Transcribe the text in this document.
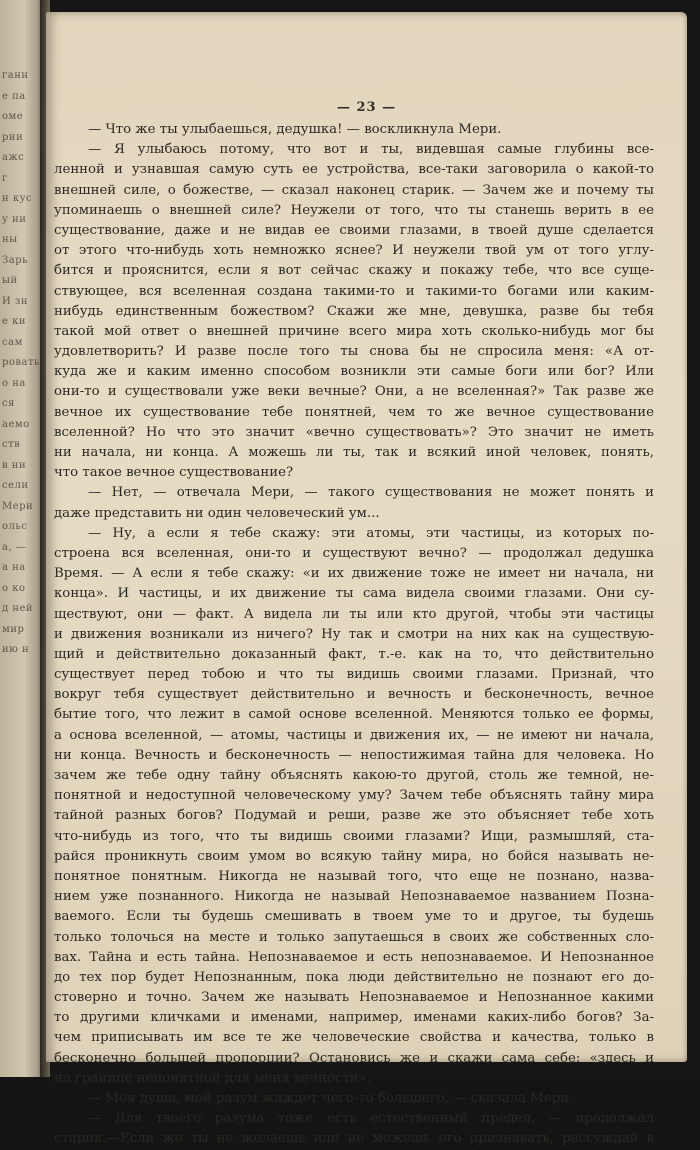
ганн
е па
оме
рии
ажс
г
н кус
у ни
ны
Зарь
ый
И зн
е ки
сам
ровать
о на
ся
аемо
ств
в ни
сели
Мери
ольс
а, —
а на
о ко
д ней
мир
ию н
— 23 —
— Что же ты улыбаешься, дедушка! — воскликнула Мери.
— Я улыбаюсь потому, что вот и ты, видевшая самые глубины все-
ленной и узнавшая самую суть ее устройства, все-таки заговорила о какой-то
внешней силе, о божестве, — сказал наконец старик. — Зачем же и почему ты
упоминаешь о внешней силе? Неужели от того, что ты станешь верить в ее
существование, даже и не видав ее своими глазами, в твоей душе сделается
от этого что-нибудь хоть немножко яснее? И неужели твой ум от того углу-
бится и прояснится, если я вот сейчас скажу и покажу тебе, что все суще-
ствующее, вся вселенная создана такими-то и такими-то богами или каким-
нибудь единственным божеством? Скажи же мне, девушка, разве бы тебя
такой мой ответ о внешней причине всего мира хоть сколько-нибудь мог бы
удовлетворить? И разве после того ты снова бы не спросила меня: «А от-
куда же и каким именно способом возникли эти самые боги или бог? Или
они-то и существовали уже веки вечные? Они, а не вселенная?» Так разве же
вечное их существование тебе понятней, чем то же вечное существование
вселенной? Но что это значит «вечно существовать»? Это значит не иметь
ни начала, ни конца. А можешь ли ты, так и всякий иной человек, понять,
что такое вечное существование?
— Нет, — отвечала Мери, — такого существования не может понять и
даже представить ни один человеческий ум...
— Ну, а если я тебе скажу: эти атомы, эти частицы, из которых по-
строена вся вселенная, они-то и существуют вечно? — продолжал дедушка
Время. — А если я тебе скажу: «и их движение тоже не имеет ни начала, ни
конца». И частицы, и их движение ты сама видела своими глазами. Они су-
ществуют, они — факт. А видела ли ты или кто другой, чтобы эти частицы
и движения возникали из ничего? Ну так и смотри на них как на существую-
щий и действительно доказанный факт, т.-е. как на то, что действительно
существует перед тобою и что ты видишь своими глазами. Признай, что
вокруг тебя существует действительно и вечность и бесконечность, вечное
бытие того, что лежит в самой основе вселенной. Меняются только ее формы,
а основа вселенной, — атомы, частицы и движения их, — не имеют ни начала,
ни конца. Вечность и бесконечность — непостижимая тайна для человека. Но
зачем же тебе одну тайну объяснять какою-то другой, столь же темной, не-
понятной и недоступной человеческому уму? Зачем тебе объяснять тайну мира
тайной разных богов? Подумай и реши, разве же это объясняет тебе хоть
что-нибудь из того, что ты видишь своими глазами? Ищи, размышляй, ста-
райся проникнуть своим умом во всякую тайну мира, но бойся называть не-
понятное понятным. Никогда не называй того, что еще не познано, назва-
нием уже познанного. Никогда не называй Непознаваемое названием Позна-
ваемого. Если ты будешь смешивать в твоем уме то и другое, ты будешь
только толочься на месте и только запутаешься в своих же собственных сло-
вах. Тайна и есть тайна. Непознаваемое и есть непознаваемое. И Непознанное
до тех пор будет Непознанным, пока люди действительно не познают его до-
стоверно и точно. Зачем же называть Непознаваемое и Непознанное какими
то другими кличками и именами, например, именами каких-либо богов? За-
чем приписывать им все те же человеческие свойства и качества, только в
бесконечно большей пропорции? Остановись же и скажи сама себе: «здесь и
на границе непонятной для меня вечности».
— Моя душа, мой разум жаждет чего-то большего, — сказала Мери.
— Для твоего разума тоже есть естественный предел, — продолжал
старик.—Если же ты не желаешь или не можешь его признавать, рассуждай в
